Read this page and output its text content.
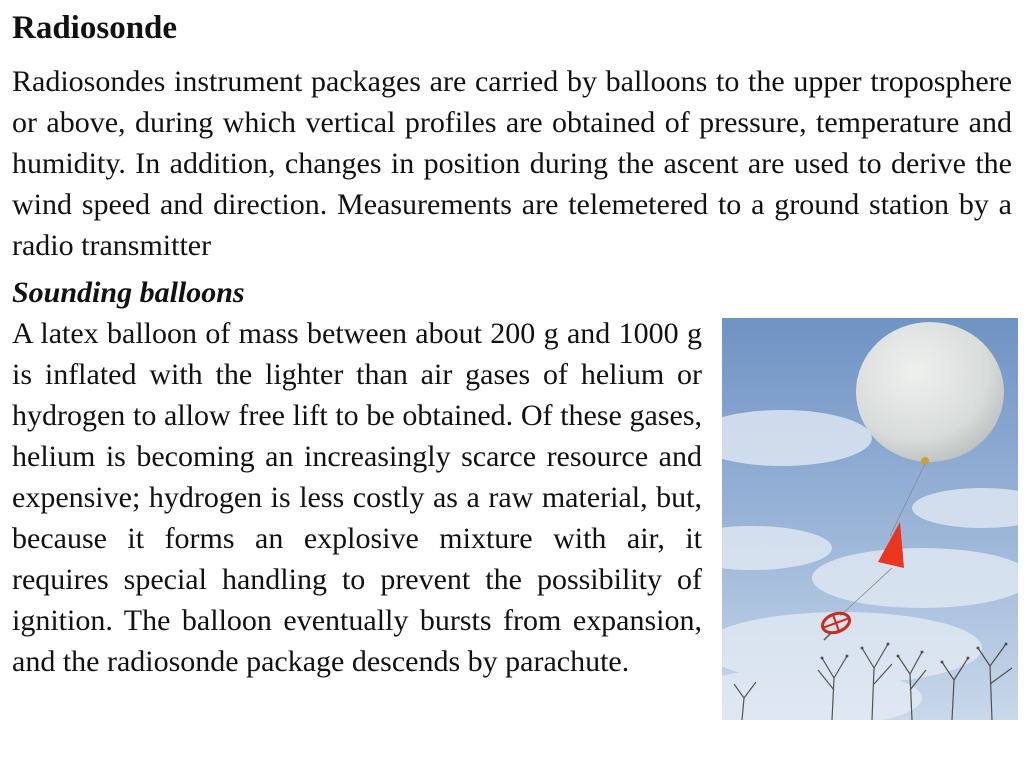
Radiosonde

Radiosondes instrument packages are carried by balloons to the upper troposphere or above, during which vertical profiles are obtained of pressure, temperature and humidity. In addition, changes in position during the ascent are used to derive the wind speed and direction. Measurements are telemetered to a ground station by a radio transmitter

Sounding balloons

A latex balloon of mass between about 200 g and 1000 g is inflated with the lighter than air gases of helium or hydrogen to allow free lift to be obtained. Of these gases, helium is becoming an increasingly scarce resource and expensive; hydrogen is less costly as a raw material, but, because it forms an explosive mixture with air, it requires special handling to prevent the possibility of ignition. The balloon eventually bursts from expansion, and the radiosonde package descends by parachute.
